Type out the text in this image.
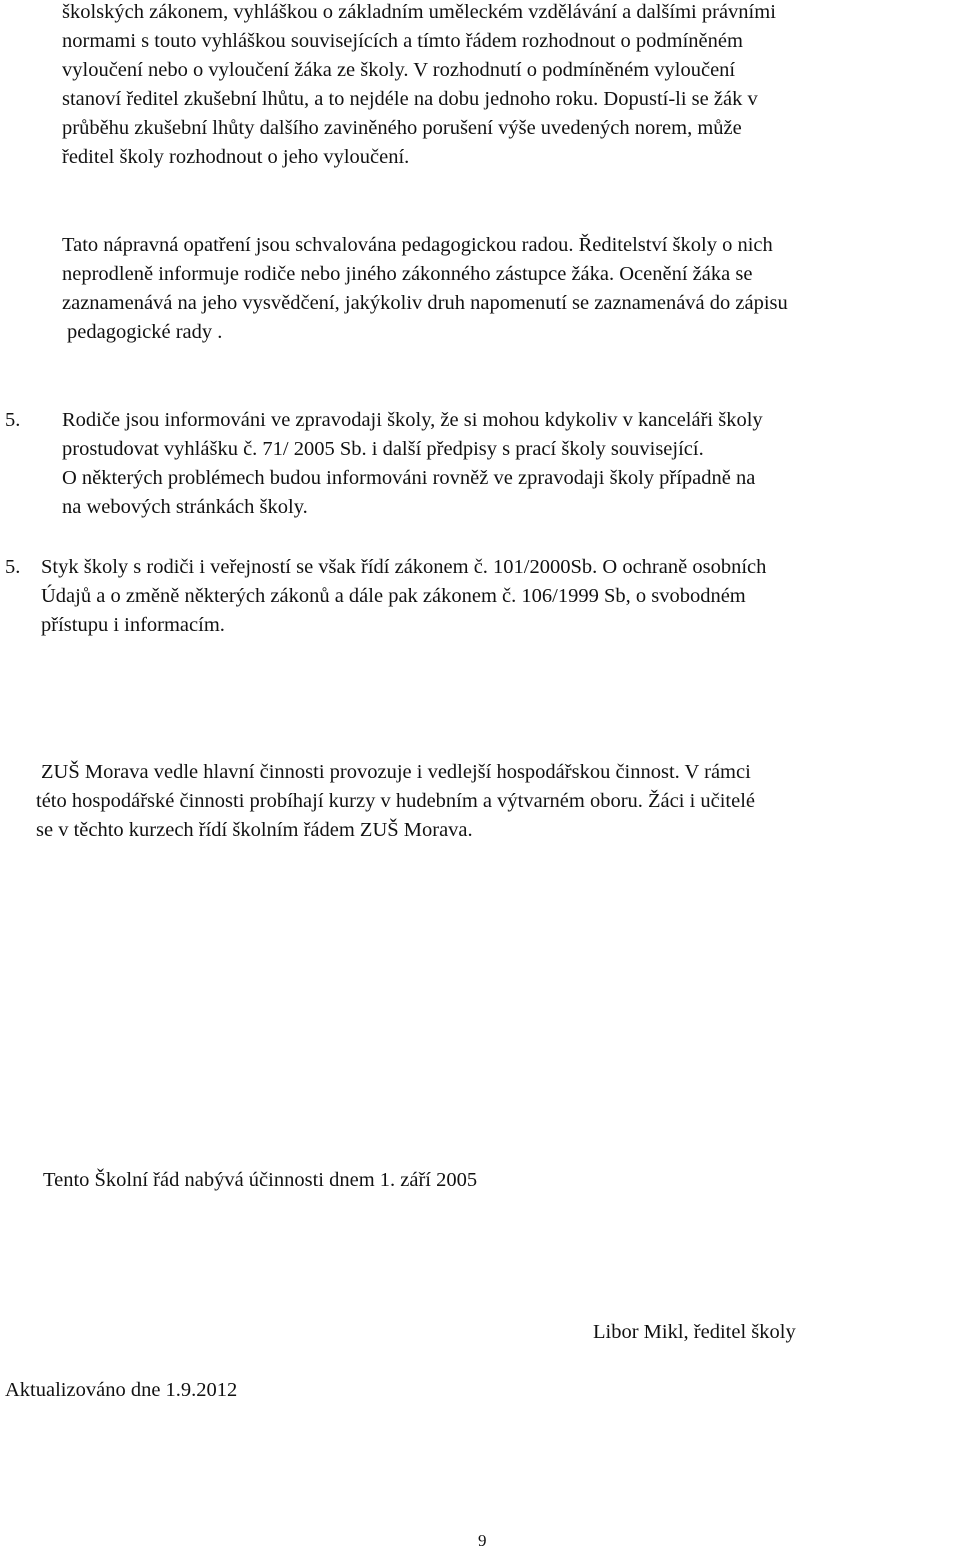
školských zákonem, vyhláškou o základním uměleckém vzdělávání a dalšími právními
normami s touto vyhláškou souvisejících a tímto řádem rozhodnout o podmíněném
vyloučení nebo o vyloučení žáka ze školy. V rozhodnutí o podmíněném vyloučení
stanoví ředitel zkušební lhůtu, a to nejdéle na dobu jednoho roku. Dopustí-li se žák v
průběhu zkušební lhůty dalšího zaviněného porušení výše uvedených norem, může
ředitel školy rozhodnout o jeho vyloučení.
Tato nápravná opatření jsou schvalována pedagogickou radou. Ředitelství školy o nich
neprodleně informuje rodiče nebo jiného zákonného zástupce žáka. Ocenění žáka se
zaznamenává na jeho vysvědčení, jakýkoliv druh napomenutí se zaznamenává do zápisu
pedagogické rady .
5. Rodiče jsou informováni ve zpravodaji školy, že si mohou kdykoliv v kanceláři školy
prostudovat vyhlášku č. 71/ 2005 Sb. i další předpisy s prací školy související.
O některých problémech budou informováni rovněž ve zpravodaji školy případně na
na webových stránkách školy.
5. Styk školy s rodiči i veřejností se však řídí zákonem č. 101/2000Sb. O ochraně osobních
Údajů a o změně některých zákonů a dále pak zákonem č. 106/1999 Sb, o svobodném
přístupu i informacím.
ZUŠ Morava vedle hlavní činnosti provozuje i vedlejší hospodářskou činnost. V rámci
této hospodářské činnosti probíhají kurzy v hudebním a výtvarném oboru. Žáci i učitelé
se v těchto kurzech řídí školním řádem ZUŠ Morava.
Tento Školní řád nabývá účinnosti dnem 1. září 2005
Libor Mikl, ředitel školy
Aktualizováno dne 1.9.2012
9
